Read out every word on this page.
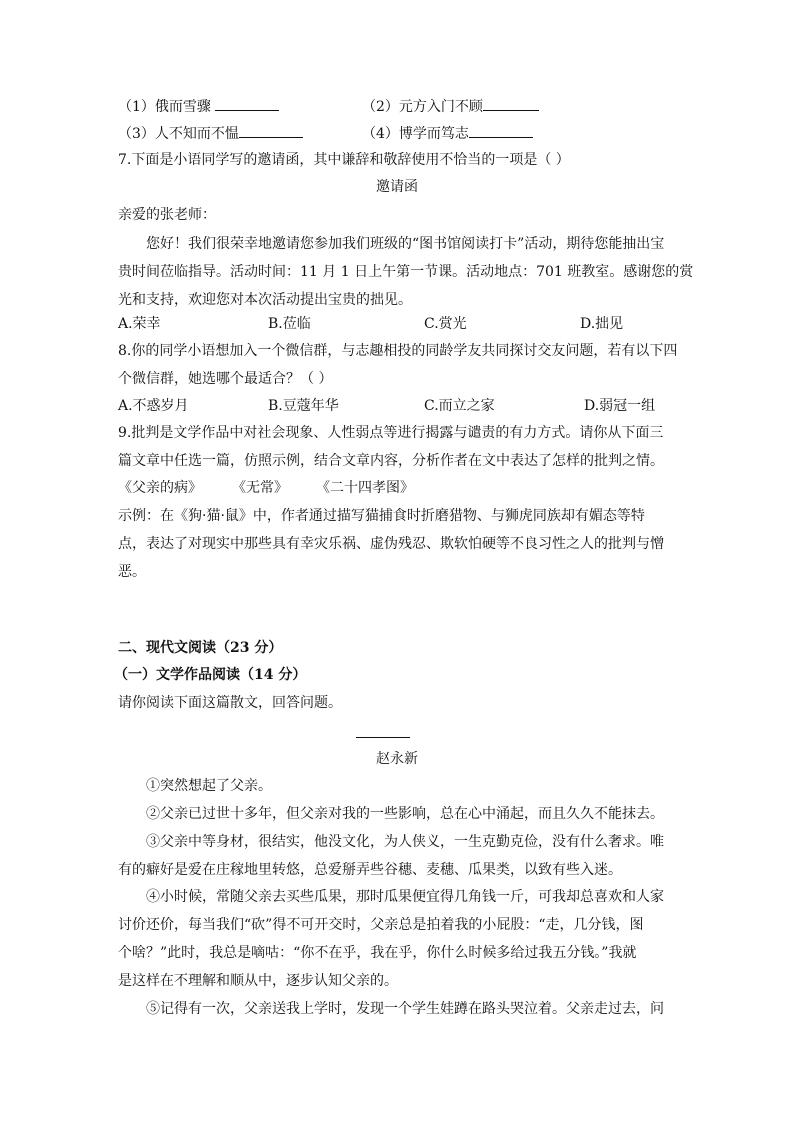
（1）俄而雪骤	（2）元方入门不顾
（3）人不知而不愠	（4）博学而笃志
7.下面是小语同学写的邀请函，其中谦辞和敬辞使用不恰当的一项是（ ）
邀请函
亲爱的张老师：
您好！我们很荣幸地邀请您参加我们班级的“图书馆阅读打卡”活动，期待您能抽出宝
贵时间莅临指导。活动时间：11 月 1 日上午第一节课。活动地点：701 班教室。感谢您的赏
光和支持，欢迎您对本次活动提出宝贵的拙见。
A.荣幸	B.莅临	C.赏光	D.拙见
8.你的同学小语想加入一个微信群，与志趣相投的同龄学友共同探讨交友问题，若有以下四
个微信群，她选哪个最适合？（ ）
A.不惑岁月	B.豆蔻年华	C.而立之家	D.弱冠一组
9.批判是文学作品中对社会现象、人性弱点等进行揭露与谴责的有力方式。请你从下面三
篇文章中任选一篇，仿照示例，结合文章内容，分析作者在文中表达了怎样的批判之情。
《父亲的病》 《无常》 《二十四孝图》
示例：在《狗·猫·鼠》中，作者通过描写猫捕食时折磨猎物、与狮虎同族却有媚态等特
点，表达了对现实中那些具有幸灾乐祸、虚伪残忍、欺软怕硬等不良习性之人的批判与憎
恶。
二、现代文阅读（23 分）
（一）文学作品阅读（14 分）
请你阅读下面这篇散文，回答问题。
赵永新
①突然想起了父亲。
②父亲已过世十多年，但父亲对我的一些影响，总在心中涌起，而且久久不能抹去。
③父亲中等身材，很结实，他没文化，为人侠义，一生克勤克俭，没有什么奢求。唯
有的癖好是爱在庄稼地里转悠，总爱掰弄些谷穗、麦穗、瓜果类，以致有些入迷。
④小时候，常随父亲去买些瓜果，那时瓜果便宜得几角钱一斤，可我却总喜欢和人家
讨价还价，每当我们“砍”得不可开交时，父亲总是拍着我的小屁股：“走，几分钱，图
个啥？”此时，我总是嘀咕：“你不在乎，我在乎，你什么时候多给过我五分钱。”我就
是这样在不理解和顺从中，逐步认知父亲的。
⑤记得有一次，父亲送我上学时，发现一个学生娃蹲在路头哭泣着。父亲走过去，问
